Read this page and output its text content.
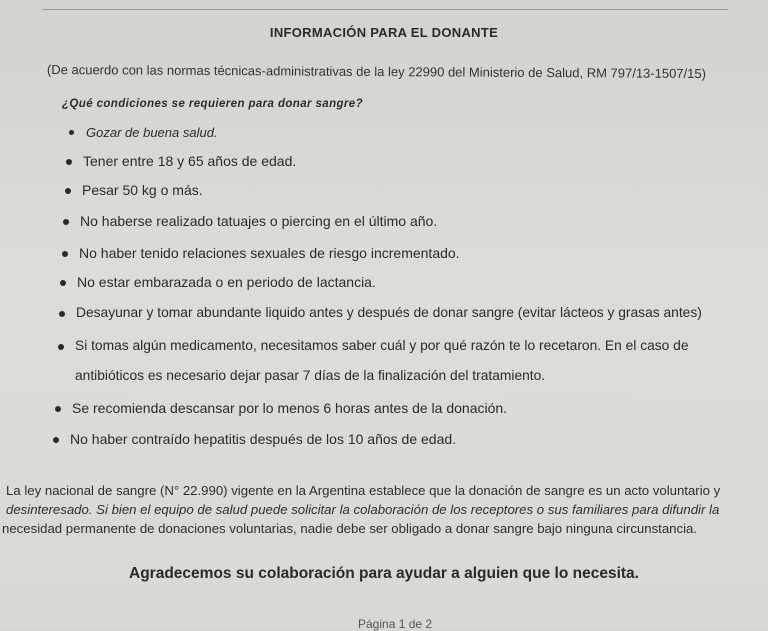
INFORMACIÓN PARA EL DONANTE
(De acuerdo con las normas técnicas-administrativas de la ley 22990 del Ministerio de Salud, RM 797/13-1507/15)
¿Qué condiciones se requieren para donar sangre?
Gozar de buena salud.
Tener entre 18 y 65 años de edad.
Pesar 50 kg o más.
No haberse realizado tatuajes o piercing en el último año.
No haber tenido relaciones sexuales de riesgo incrementado.
No estar embarazada o en periodo de lactancia.
Desayunar y tomar abundante liquido antes y después de donar sangre (evitar lácteos y grasas antes)
Si tomas algún medicamento, necesitamos saber cuál y por qué razón te lo recetaron. En el caso de
antibióticos es necesario dejar pasar 7 días de la finalización del tratamiento.
Se recomienda descansar por lo menos 6 horas antes de la donación.
No haber contraído hepatitis después de los 10 años de edad.
La ley nacional de sangre (N° 22.990) vigente en la Argentina establece que la donación de sangre es un acto voluntario y
desinteresado. Si bien el equipo de salud puede solicitar la colaboración de los receptores o sus familiares para difundir la
necesidad permanente de donaciones voluntarias, nadie debe ser obligado a donar sangre bajo ninguna circunstancia.
Agradecemos su colaboración para ayudar a alguien que lo necesita.
Página 1 de 2
